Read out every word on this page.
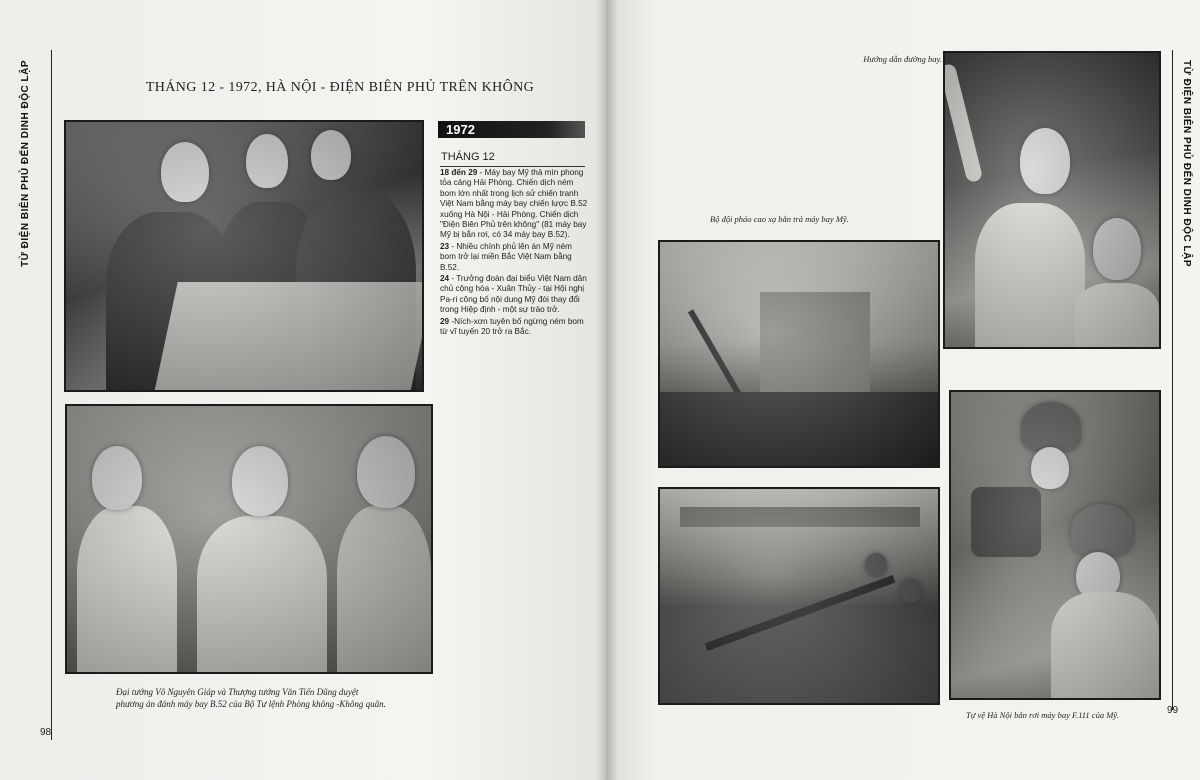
TỪ ĐIỆN BIÊN PHỦ ĐẾN DINH ĐỘC LẬP
98
THÁNG 12 - 1972, HÀ NỘI - ĐIỆN BIÊN PHỦ TRÊN KHÔNG
Đại tướng Võ Nguyên Giáp và Thượng tướng Văn Tiến Dũng duyệt phương án đánh máy bay B.52 của Bộ Tư lệnh Phòng không -Không quân.
1972
THÁNG 12
18 đến 29 - Máy bay Mỹ thả mìn phong tỏa cảng Hải Phòng. Chiến dịch ném bom lớn nhất trong lịch sử chiến tranh Việt Nam bằng máy bay chiến lược B.52 xuống Hà Nội - Hải Phòng. Chiến dịch "Điện Biên Phủ trên không" (81 máy bay Mỹ bị bắn rơi, có 34 máy bay B.52).
23 - Nhiều chính phủ lên án Mỹ ném bom trở lại miền Bắc Việt Nam bằng B.52.
24 - Trưởng đoàn đại biểu Việt Nam dân chủ cộng hòa - Xuân Thủy - tại Hội nghị Pa-ri công bố nội dung Mỹ đòi thay đổi trong Hiệp định - một sự trảo trở.
29 -Ních-xơn tuyên bố ngừng ném bom từ vĩ tuyến 20 trở ra Bắc.
Hướng dẫn đường bay.
Bộ đội pháo cao xạ bắn trả máy bay Mỹ.
Tự vệ Hà Nội bắn rơi máy bay F.111 của Mỹ.
TỪ ĐIỆN BIÊN PHỦ ĐẾN DINH ĐỘC LẬP
99
